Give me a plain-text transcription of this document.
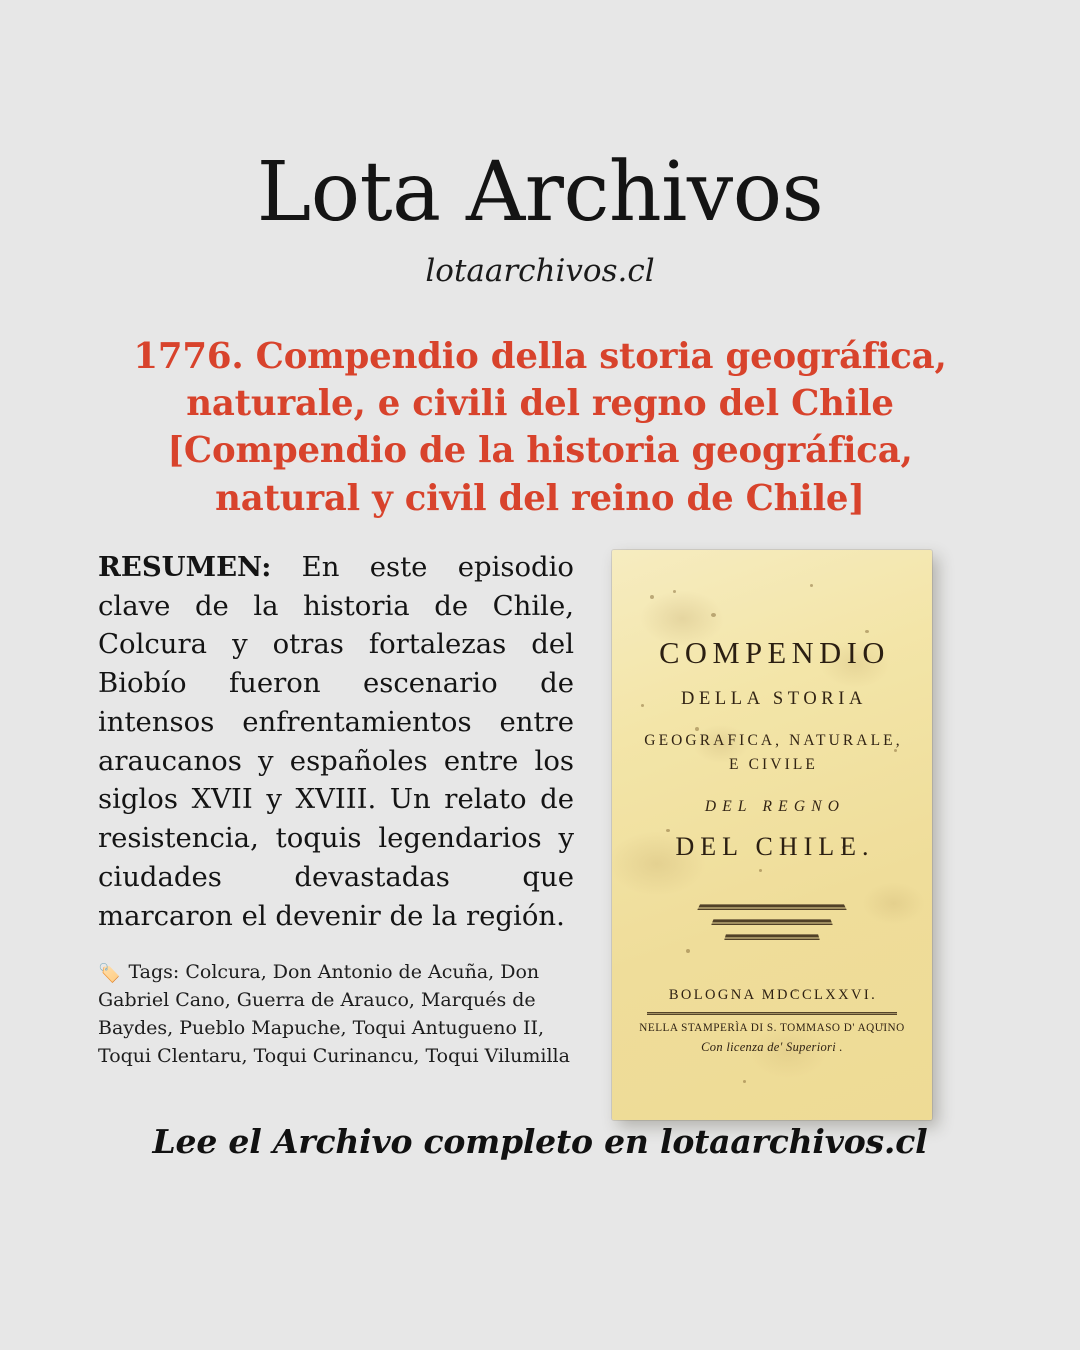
Lota Archivos
lotaarchivos.cl
1776. Compendio della storia geográfica, naturale, e civili del regno del Chile [Compendio de la historia geográfica, natural y civil del reino de Chile]

RESUMEN: En este episodio clave de la historia de Chile, Colcura y otras fortalezas del Biobío fueron escenario de intensos enfrentamientos entre araucanos y españoles entre los siglos XVII y XVIII. Un relato de resistencia, toquis legendarios y ciudades devastadas que marcaron el devenir de la región.

🏷️ Tags: Colcura, Don Antonio de Acuña, Don Gabriel Cano, Guerra de Arauco, Marqués de Baydes, Pueblo Mapuche, Toqui Antugueno II, Toqui Clentaru, Toqui Curinancu, Toqui Vilumilla

COMPENDIO
DELLA STORIA
GEOGRAFICA, NATURALE,
E CIVILE
DEL REGNO
DEL CHILE.
BOLOGNA MDCCLXXVI.
NELLA STAMPERÌA DI S. TOMMASO D' AQUINO
Con licenza de' Superiori .
Lee el Archivo completo en lotaarchivos.cl
